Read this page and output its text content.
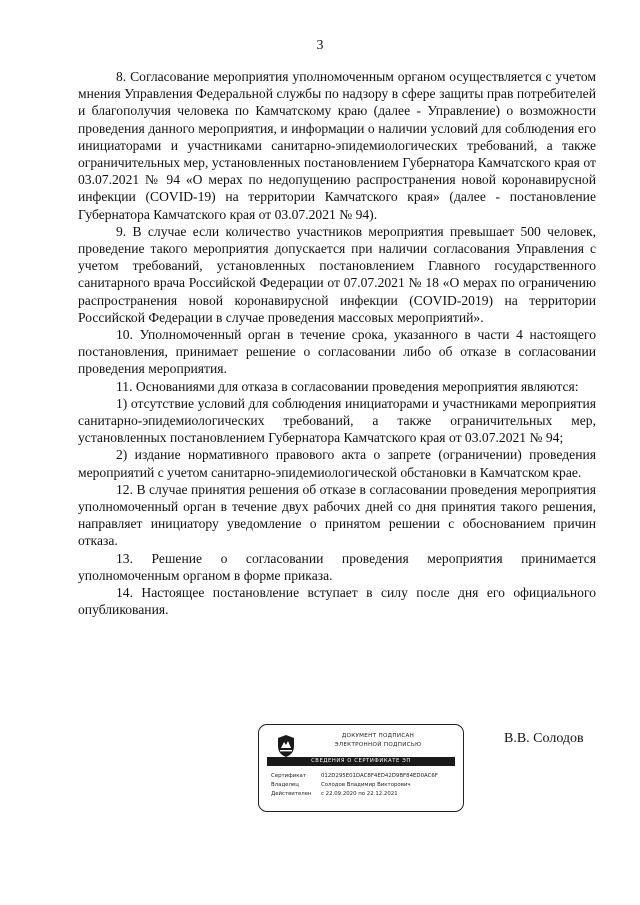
3

8. Согласование мероприятия уполномоченным органом осуществляется с учетом мнения Управления Федеральной службы по надзору в сфере защиты прав потребителей и благополучия человека по Камчатскому краю (далее - Управление) о возможности проведения данного мероприятия, и информации о наличии условий для соблюдения его инициаторами и участниками санитарно-эпидемиологических требований, а также ограничительных мер, установленных постановлением Губернатора Камчатского края от 03.07.2021 № 94 «О мерах по недопущению распространения новой коронавирусной инфекции (COVID-19) на территории Камчатского края» (далее - постановление Губернатора Камчатского края от 03.07.2021 № 94).

9. В случае если количество участников мероприятия превышает 500 человек, проведение такого мероприятия допускается при наличии согласования Управления с учетом требований, установленных постановлением Главного государственного санитарного врача Российской Федерации от 07.07.2021 № 18 «О мерах по ограничению распространения новой коронавирусной инфекции (COVID-2019) на территории Российской Федерации в случае проведения массовых мероприятий».

10. Уполномоченный орган в течение срока, указанного в части 4 настоящего постановления, принимает решение о согласовании либо об отказе в согласовании проведения мероприятия.

11. Основаниями для отказа в согласовании проведения мероприятия являются:

1) отсутствие условий для соблюдения инициаторами и участниками мероприятия санитарно-эпидемиологических требований, а также ограничительных мер, установленных постановлением Губернатора Камчатского края от 03.07.2021 № 94;

2) издание нормативного правового акта о запрете (ограничении) проведения мероприятий с учетом санитарно-эпидемиологической обстановки в Камчатском крае.

12. В случае принятия решения об отказе в согласовании проведения мероприятия уполномоченный орган в течение двух рабочих дней со дня принятия такого решения, направляет инициатору уведомление о принятом решении с обоснованием причин отказа.

13. Решение о согласовании проведения мероприятия принимается уполномоченным органом в форме приказа.

14. Настоящее постановление вступает в силу после дня его официального опубликования.

ДОКУМЕНТ ПОДПИСАН
ЭЛЕКТРОННОЙ ПОДПИСЬЮ
СВЕДЕНИЯ О СЕРТИФИКАТЕ ЭП
Сертификат	012D295E01DAC8F4ED42D9BF84ED0AC6F
Владелец	Солодов Владимир Викторович
Действителен с 22.09.2020 по 22.12.2021
В.В. Солодов
